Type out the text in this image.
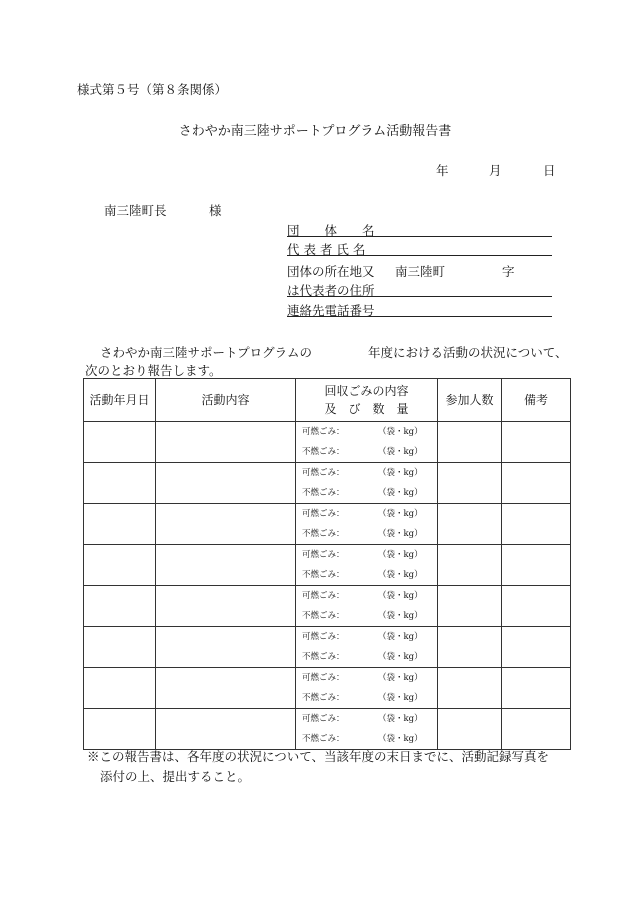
様式第５号（第８条関係）
さわやか南三陸サポートプログラム活動報告書
年	月	日
南三陸町長	様
団　　体　　名
代 表 者 氏 名
団体の所在地又 南三陸町	字
は代表者の住所
連絡先電話番号
さわやか南三陸サポートプログラムの	年度における活動の状況について、
次のとおり報告します。
活動年月日	活動内容	回収ごみの内容
及　び　数　量	参加人数	備考

		可燃ごみ： （袋・kg）
不燃ごみ： （袋・kg）		

		可燃ごみ： （袋・kg）
不燃ごみ： （袋・kg）		

		可燃ごみ： （袋・kg）
不燃ごみ： （袋・kg）		

		可燃ごみ： （袋・kg）
不燃ごみ： （袋・kg）		

		可燃ごみ： （袋・kg）
不燃ごみ： （袋・kg）		

		可燃ごみ： （袋・kg）
不燃ごみ： （袋・kg）		

		可燃ごみ： （袋・kg）
不燃ごみ： （袋・kg）		

		可燃ごみ： （袋・kg）
不燃ごみ： （袋・kg）		

※この報告書は、各年度の状況について、当該年度の末日までに、活動記録写真を
添付の上、提出すること。
